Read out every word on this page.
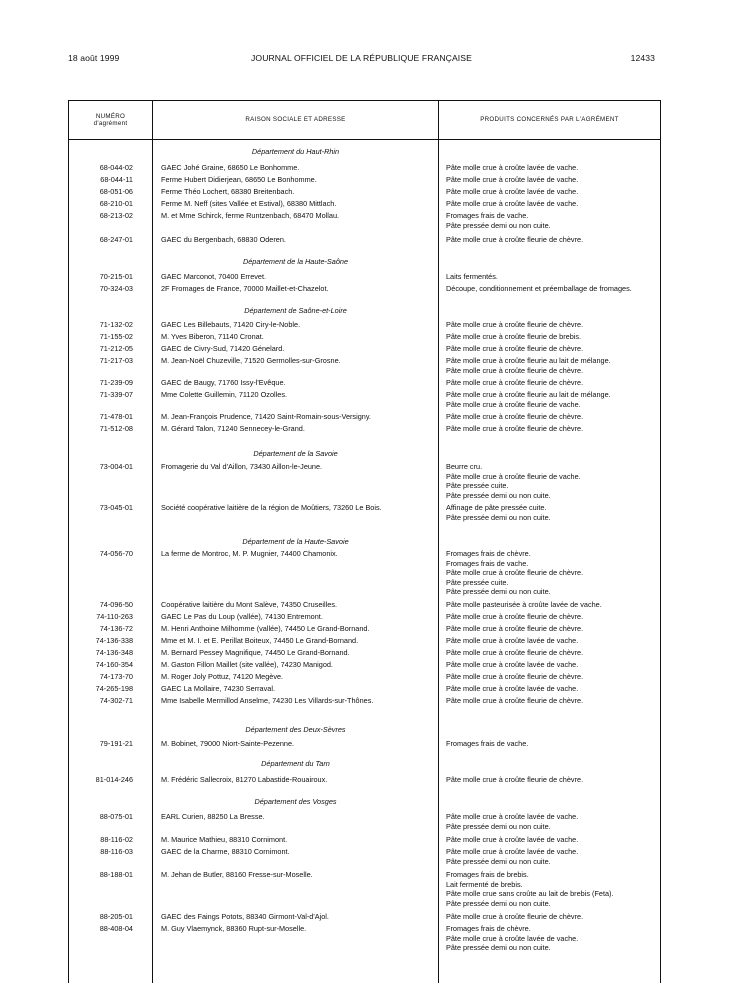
18 août 1999	JOURNAL OFFICIEL DE LA RÉPUBLIQUE FRANÇAISE	12433
NUMÉRO
d'agrément
RAISON SOCIALE ET ADRESSE	PRODUITS CONCERNÉS PAR L'AGRÉMENT
Département du Haut-Rhin
Département de la Haute-Saône
Département de Saône-et-Loire
Département de la Savoie
Département de la Haute-Savoie
Département des Deux-Sèvres
Département du Tarn
Département des Vosges
68-044-02	GAEC Johé Graine, 68650 Le Bonhomme.	Pâte molle crue à croûte lavée de vache.
68-044-11	Ferme Hubert Didierjean, 68650 Le Bonhomme.	Pâte molle crue à croûte lavée de vache.
68-051-06	Ferme Théo Lochert, 68380 Breitenbach.	Pâte molle crue à croûte lavée de vache.
68-210-01	Ferme M. Neff (sites Vallée et Estival), 68380 Mittlach.	Pâte molle crue à croûte lavée de vache.
68-213-02	M. et Mme Schirck, ferme Runtzenbach, 68470 Mollau.	Fromages frais de vache.
Pâte pressée demi ou non cuite.
68-247-01	GAEC du Bergenbach, 68830 Oderen.	Pâte molle crue à croûte fleurie de chèvre.
70-215-01	GAEC Marconot, 70400 Errevet.	Laits fermentés.
70-324-03	2F Fromages de France, 70000 Maillet-et-Chazelot.	Découpe, conditionnement et préemballage de fromages.
71-132-02	GAEC Les Billebauts, 71420 Ciry-le-Noble.	Pâte molle crue à croûte fleurie de chèvre.
71-155-02	M. Yves Biberon, 71140 Cronat.	Pâte molle crue à croûte fleurie de brebis.
71-212-05	GAEC de Civry-Sud, 71420 Génelard.	Pâte molle crue à croûte fleurie de chèvre.
71-217-03	M. Jean-Noël Chuzeville, 71520 Germolles-sur-Grosne.	Pâte molle crue à croûte fleurie au lait de mélange.
Pâte molle crue à croûte fleurie de chèvre.
71-239-09	GAEC de Baugy, 71760 Issy-l'Evêque.	Pâte molle crue à croûte fleurie de chèvre.
71-339-07	Mme Colette Guillemin, 71120 Ozolles.	Pâte molle crue à croûte fleurie au lait de mélange.
Pâte molle crue à croûte fleurie de vache.
71-478-01	M. Jean-François Prudence, 71420 Saint-Romain-sous-Versigny.	Pâte molle crue à croûte fleurie de chèvre.
71-512-08	M. Gérard Talon, 71240 Sennecey-le-Grand.	Pâte molle crue à croûte fleurie de chèvre.
73-004-01	Fromagerie du Val d'Aillon, 73430 Aillon-le-Jeune.	Beurre cru.
Pâte molle crue à croûte fleurie de vache.
Pâte pressée cuite.
Pâte pressée demi ou non cuite.
73-045-01	Société coopérative laitière de la région de Moûtiers, 73260 Le Bois.	Affinage de pâte pressée cuite.
Pâte pressée demi ou non cuite.
74-056-70	La ferme de Montroc, M. P. Mugnier, 74400 Chamonix.	Fromages frais de chèvre.
Fromages frais de vache.
Pâte molle crue à croûte fleurie de chèvre.
Pâte pressée cuite.
Pâte pressée demi ou non cuite.
74-096-50	Coopérative laitière du Mont Salève, 74350 Cruseilles.	Pâte molle pasteurisée à croûte lavée de vache.
74-110-263	GAEC Le Pas du Loup (vallée), 74130 Entremont.	Pâte molle crue à croûte fleurie de chèvre.
74-136-72	M. Henri Anthoine Milhomme (vallée), 74450 Le Grand-Bornand.	Pâte molle crue à croûte fleurie de chèvre.
74-136-338	Mme et M. I. et E. Perillat Boiteux, 74450 Le Grand-Bornand.	Pâte molle crue à croûte lavée de vache.
74-136-348	M. Bernard Pessey Magnifique, 74450 Le Grand-Bornand.	Pâte molle crue à croûte fleurie de chèvre.
74-160-354	M. Gaston Fillon Maillet (site vallée), 74230 Manigod.	Pâte molle crue à croûte lavée de vache.
74-173-70	M. Roger Joly Pottuz, 74120 Megève.	Pâte molle crue à croûte fleurie de chèvre.
74-265-198	GAEC La Mollaire, 74230 Serraval.	Pâte molle crue à croûte lavée de vache.
74-302-71	Mme Isabelle Mermillod Anselme, 74230 Les Villards-sur-Thônes.	Pâte molle crue à croûte fleurie de chèvre.
79-191-21	M. Bobinet, 79000 Niort-Sainte-Pezenne.	Fromages frais de vache.
81-014-246	M. Frédéric Sallecroix, 81270 Labastide-Rouairoux.	Pâte molle crue à croûte fleurie de chèvre.
88-075-01	EARL Curien, 88250 La Bresse.	Pâte molle crue à croûte lavée de vache.
Pâte pressée demi ou non cuite.
88-116-02	M. Maurice Mathieu, 88310 Cornimont.	Pâte molle crue à croûte lavée de vache.
88-116-03	GAEC de la Charme, 88310 Cornimont.	Pâte molle crue à croûte lavée de vache.
Pâte pressée demi ou non cuite.
88-188-01	M. Jehan de Butler, 88160 Fresse-sur-Moselle.	Fromages frais de brebis.
Lait fermenté de brebis.
Pâte molle crue sans croûte au lait de brebis (Feta).
Pâte pressée demi ou non cuite.
88-205-01	GAEC des Faings Potots, 88340 Girmont-Val-d'Ajol.	Pâte molle crue à croûte fleurie de chèvre.
88-408-04	M. Guy Vlaemynck, 88360 Rupt-sur-Moselle.	Fromages frais de chèvre.
Pâte molle crue à croûte lavée de vache.
Pâte pressée demi ou non cuite.
